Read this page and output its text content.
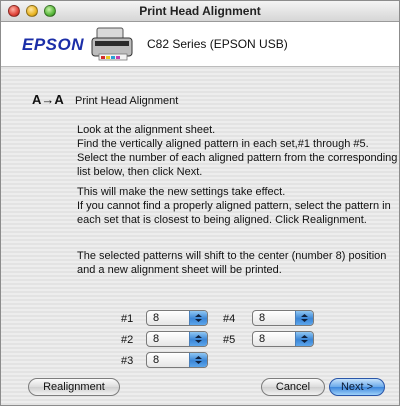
Print Head Alignment
EPSON	C82 Series (EPSON USB)
A→A Print Head Alignment
Look at the alignment sheet.
Find the vertically aligned pattern in each set,#1 through #5.
Select the number of each aligned pattern from the corresponding
list below, then click Next.
This will make the new settings take effect.
If you cannot find a properly aligned pattern, select the pattern in
each set that is closest to being aligned. Click Realignment.
The selected patterns will shift to the center (number 8) position
and a new alignment sheet will be printed.
#1 8
#2 8
#3 8
#4 8
#5 8
Realignment	Cancel	Next >
